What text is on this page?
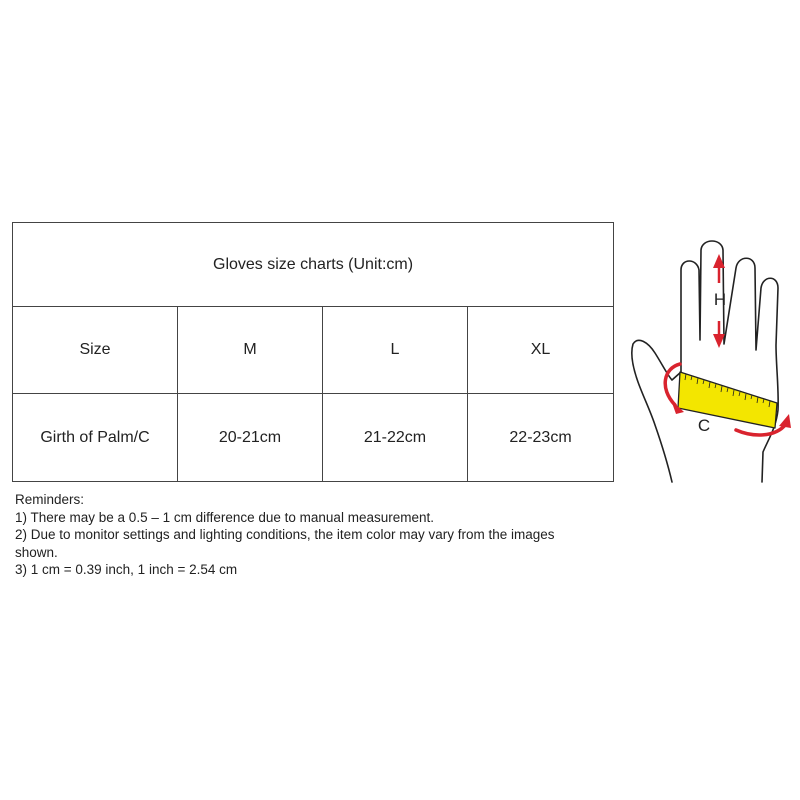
Gloves size charts (Unit:cm)			
Size	M	L	XL
Girth of Palm/C	20-21cm	21-22cm	22-23cm
Reminders:
1) There may be a 0.5 – 1 cm difference due to manual measurement.
2) Due to monitor settings and lighting conditions, the item color may vary from the images shown.
3) 1 cm = 0.39 inch, 1 inch = 2.54 cm
H
C
